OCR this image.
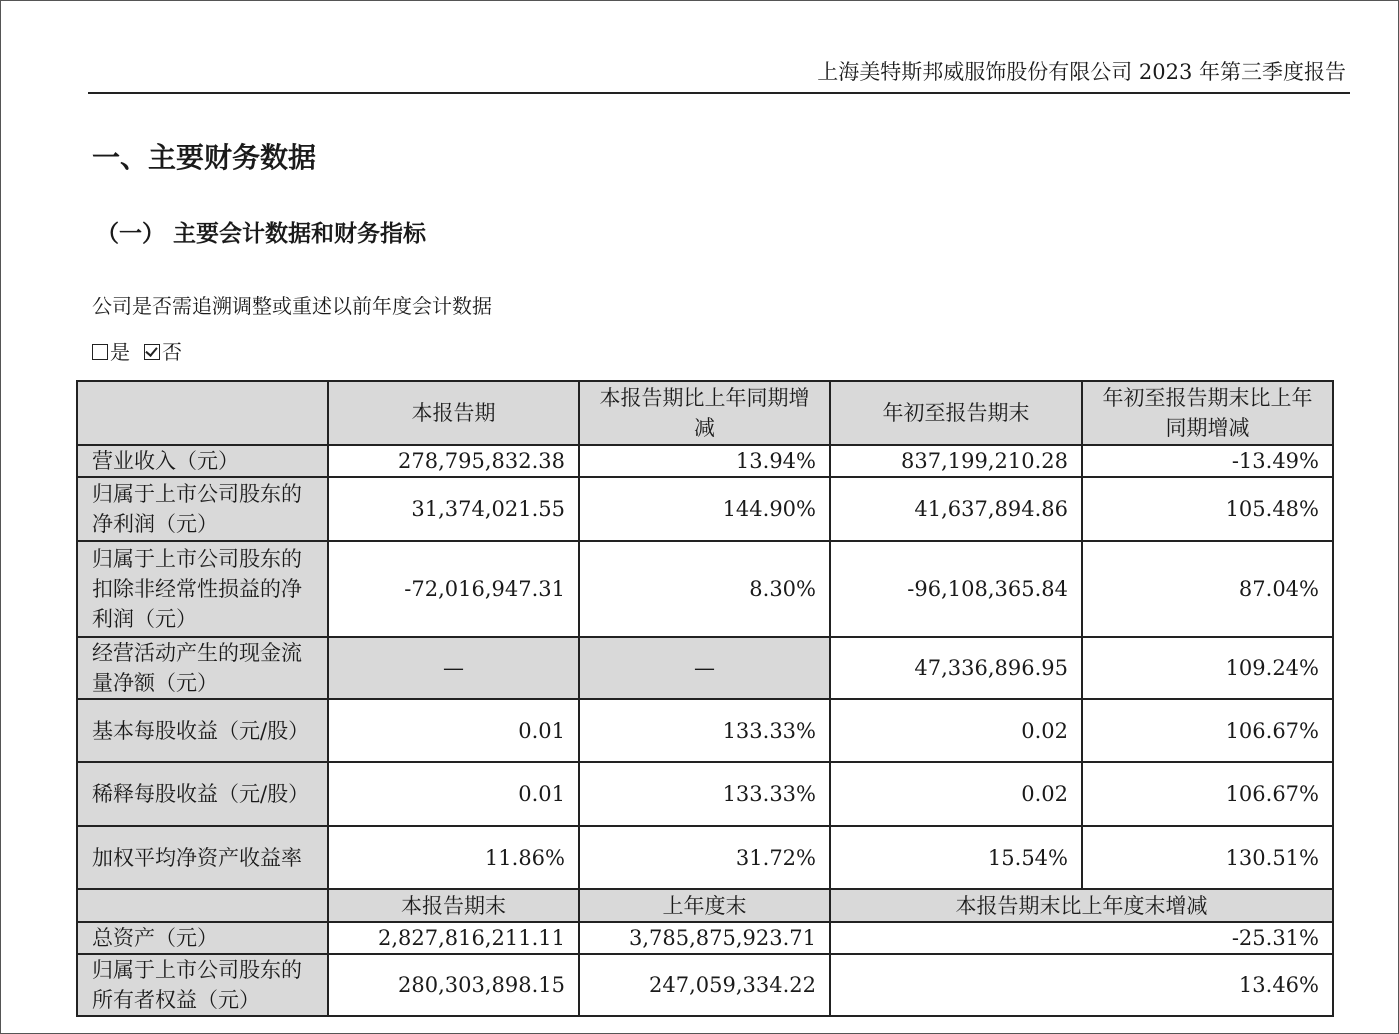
上海美特斯邦威服饰股份有限公司 2023 年第三季度报告
一、主要财务数据
（一） 主要会计数据和财务指标
公司是否需追溯调整或重述以前年度会计数据
是 否
	本报告期	本报告期比上年同期增减	年初至报告期末	年初至报告期末比上年同期增减
营业收入（元）	278,795,832.38	13.94%	837,199,210.28	-13.49%
归属于上市公司股东的净利润（元）	31,374,021.55	144.90%	41,637,894.86	105.48%
归属于上市公司股东的扣除非经常性损益的净利润（元）	-72,016,947.31	8.30%	-96,108,365.84	87.04%
经营活动产生的现金流量净额（元）	—	—	47,336,896.95	109.24%
基本每股收益（元/股）	0.01	133.33%	0.02	106.67%
稀释每股收益（元/股）	0.01	133.33%	0.02	106.67%
加权平均净资产收益率	11.86%	31.72%	15.54%	130.51%
	本报告期末	上年度末	本报告期末比上年度末增减	
总资产（元）	2,827,816,211.11	3,785,875,923.71	-25.31%	
归属于上市公司股东的所有者权益（元）	280,303,898.15	247,059,334.22	13.46%	
